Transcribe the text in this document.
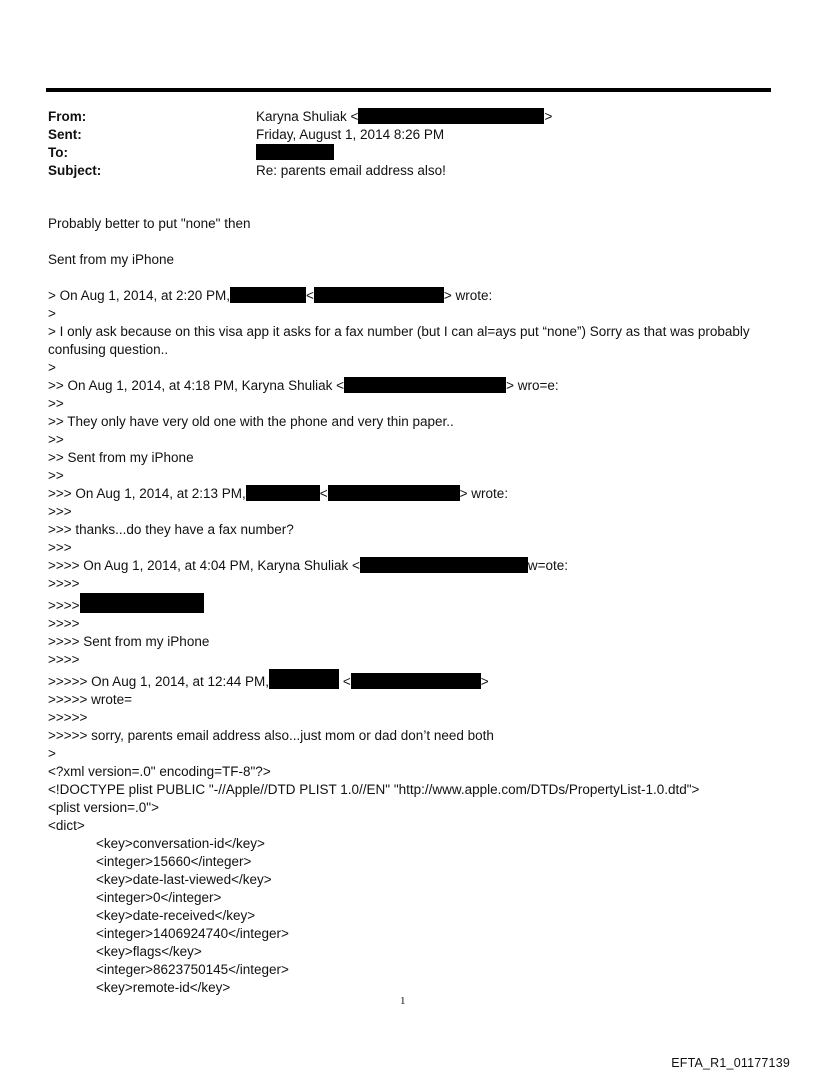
From:	Karyna Shuliak <	>
Sent:	Friday, August 1, 2014 8:26 PM
To:
Subject:	Re: parents email address also!
Probably better to put "none" then
Sent from my iPhone
> On Aug 1, 2014, at 2:20 PM,	<	> wrote:
>
> I only ask because on this visa app it asks for a fax number (but I can al=ays put “none”) Sorry as that was probably confusing question..
>
>> On Aug 1, 2014, at 4:18 PM, Karyna Shuliak <	> wro=e:
>>
>> They only have very old one with the phone and very thin paper..
>>
>> Sent from my iPhone
>>
>>> On Aug 1, 2014, at 2:13 PM,	<	> wrote:
>>>
>>> thanks...do they have a fax number?
>>>
>>>> On Aug 1, 2014, at 4:04 PM, Karyna Shuliak <	w=ote:
>>>>
>>>>
>>>>
>>>> Sent from my iPhone
>>>>
>>>>> On Aug 1, 2014, at 12:44 PM,	<	>
>>>>> wrote=
>>>>>
>>>>> sorry, parents email address also...just mom or dad don’t need both
>
<?xml version=.0" encoding=TF-8"?>
<!DOCTYPE plist PUBLIC "-//Apple//DTD PLIST 1.0//EN" "http://www.apple.com/DTDs/PropertyList-1.0.dtd">
<plist version=.0">
<dict>
<key>conversation-id</key>
<integer>15660</integer>
<key>date-last-viewed</key>
<integer>0</integer>
<key>date-received</key>
<integer>1406924740</integer>
<key>flags</key>
<integer>8623750145</integer>
<key>remote-id</key>
1
EFTA_R1_01177139
